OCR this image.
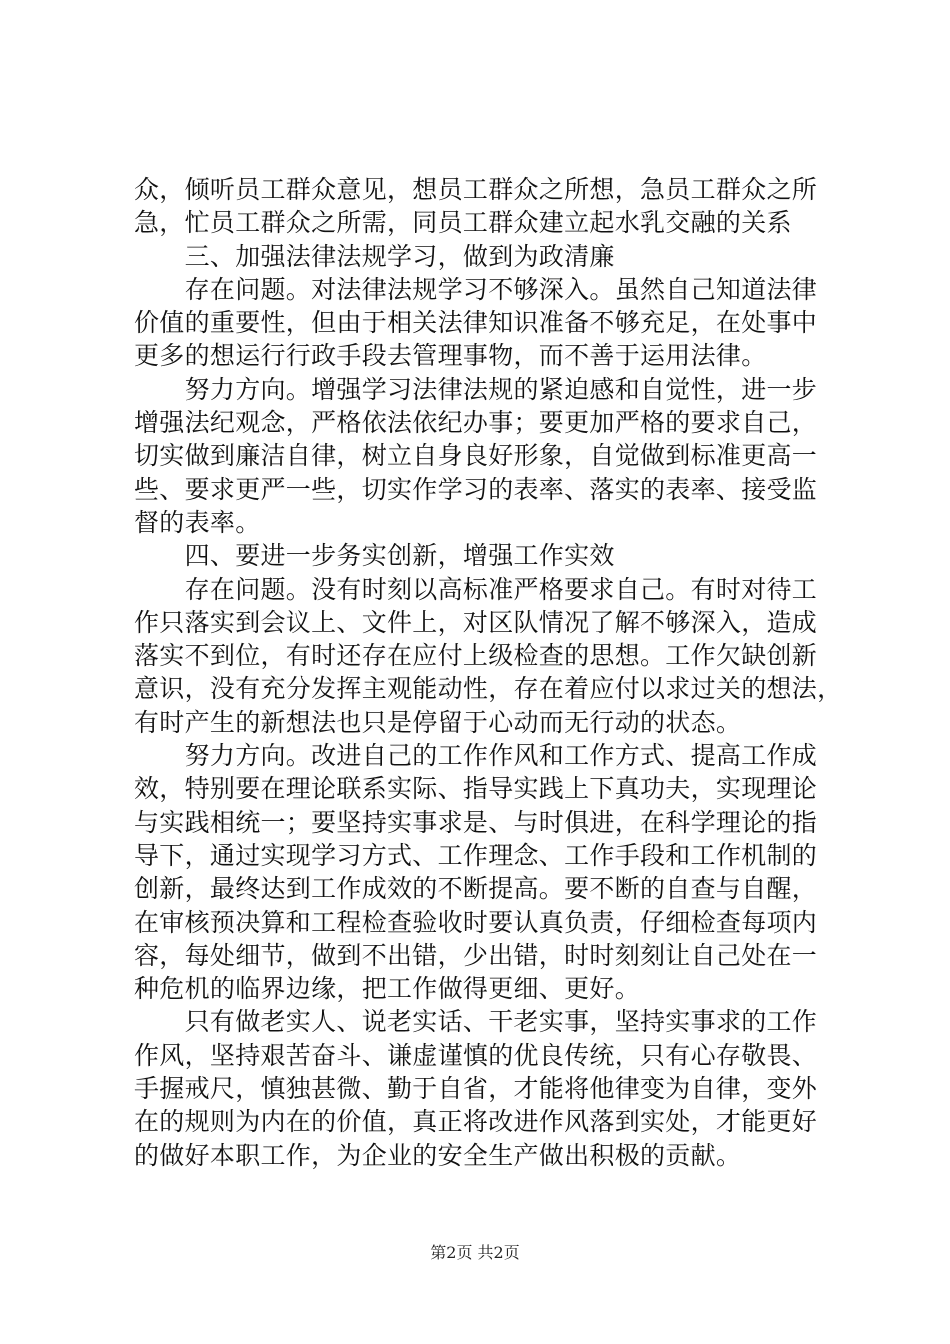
众，倾听员工群众意见，想员工群众之所想，急员工群众之所
急，忙员工群众之所需，同员工群众建立起水乳交融的关系
　　三、加强法律法规学习，做到为政清廉
　　存在问题。对法律法规学习不够深入。虽然自己知道法律
价值的重要性，但由于相关法律知识准备不够充足，在处事中
更多的想运行行政手段去管理事物，而不善于运用法律。
　　努力方向。增强学习法律法规的紧迫感和自觉性，进一步
增强法纪观念，严格依法依纪办事；要更加严格的要求自己，
切实做到廉洁自律，树立自身良好形象，自觉做到标准更高一
些、要求更严一些，切实作学习的表率、落实的表率、接受监
督的表率。
　　四、要进一步务实创新，增强工作实效
　　存在问题。没有时刻以高标准严格要求自己。有时对待工
作只落实到会议上、文件上，对区队情况了解不够深入，造成
落实不到位，有时还存在应付上级检查的思想。工作欠缺创新
意识，没有充分发挥主观能动性，存在着应付以求过关的想法，
有时产生的新想法也只是停留于心动而无行动的状态。
　　努力方向。改进自己的工作作风和工作方式、提高工作成
效，特别要在理论联系实际、指导实践上下真功夫，实现理论
与实践相统一；要坚持实事求是、与时俱进，在科学理论的指
导下，通过实现学习方式、工作理念、工作手段和工作机制的
创新，最终达到工作成效的不断提高。要不断的自查与自醒，
在审核预决算和工程检查验收时要认真负责，仔细检查每项内
容，每处细节，做到不出错，少出错，时时刻刻让自己处在一
种危机的临界边缘，把工作做得更细、更好。
　　只有做老实人、说老实话、干老实事，坚持实事求的工作
作风，坚持艰苦奋斗、谦虚谨慎的优良传统，只有心存敬畏、
手握戒尺，慎独甚微、勤于自省，才能将他律变为自律，变外
在的规则为内在的价值，真正将改进作风落到实处，才能更好
的做好本职工作，为企业的安全生产做出积极的贡献。
第2页 共2页
